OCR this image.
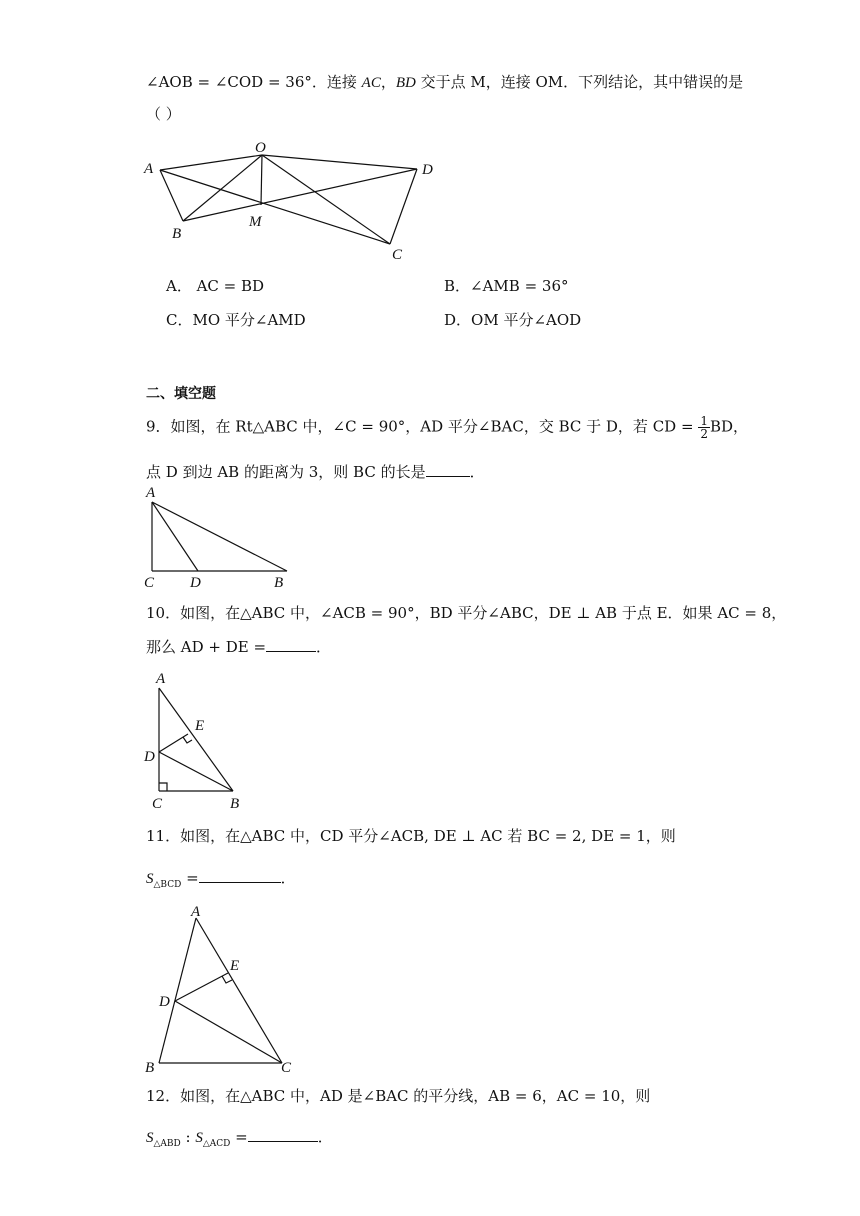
∠AOB = ∠COD = 36°．连接 AC，BD 交于点 M，连接 OM．下列结论，其中错误的是
（ ）
A
O
D
B
M
C
A． AC = BD	B．∠AMB = 36°
C．MO 平分∠AMD	D．OM 平分∠AOD
二、填空题
9．如图，在 Rt△ABC 中，∠C = 90°，AD 平分∠BAC，交 BC 于 D，若 CD = $\frac{1}{2}$ BD，
点 D 到边 AB 的距离为 3，则 BC 的长是	．
A
C D	B
10．如图，在△ABC 中，∠ACB = 90°，BD 平分∠ABC，DE ⊥ AB 于点 E．如果 AC = 8，
那么 AD + DE =	．
A
E
D
C	B
11．如图，在△ABC 中，CD 平分∠ACB, DE ⊥ AC 若 BC = 2, DE = 1，则
$S_{\triangle BCD}$ =	．
A
E
D
B	C
12．如图，在△ABC 中，AD 是∠BAC 的平分线，AB = 6，AC = 10，则
$S_{\triangle ABD}$ : $S_{\triangle ACD}$ =	．
